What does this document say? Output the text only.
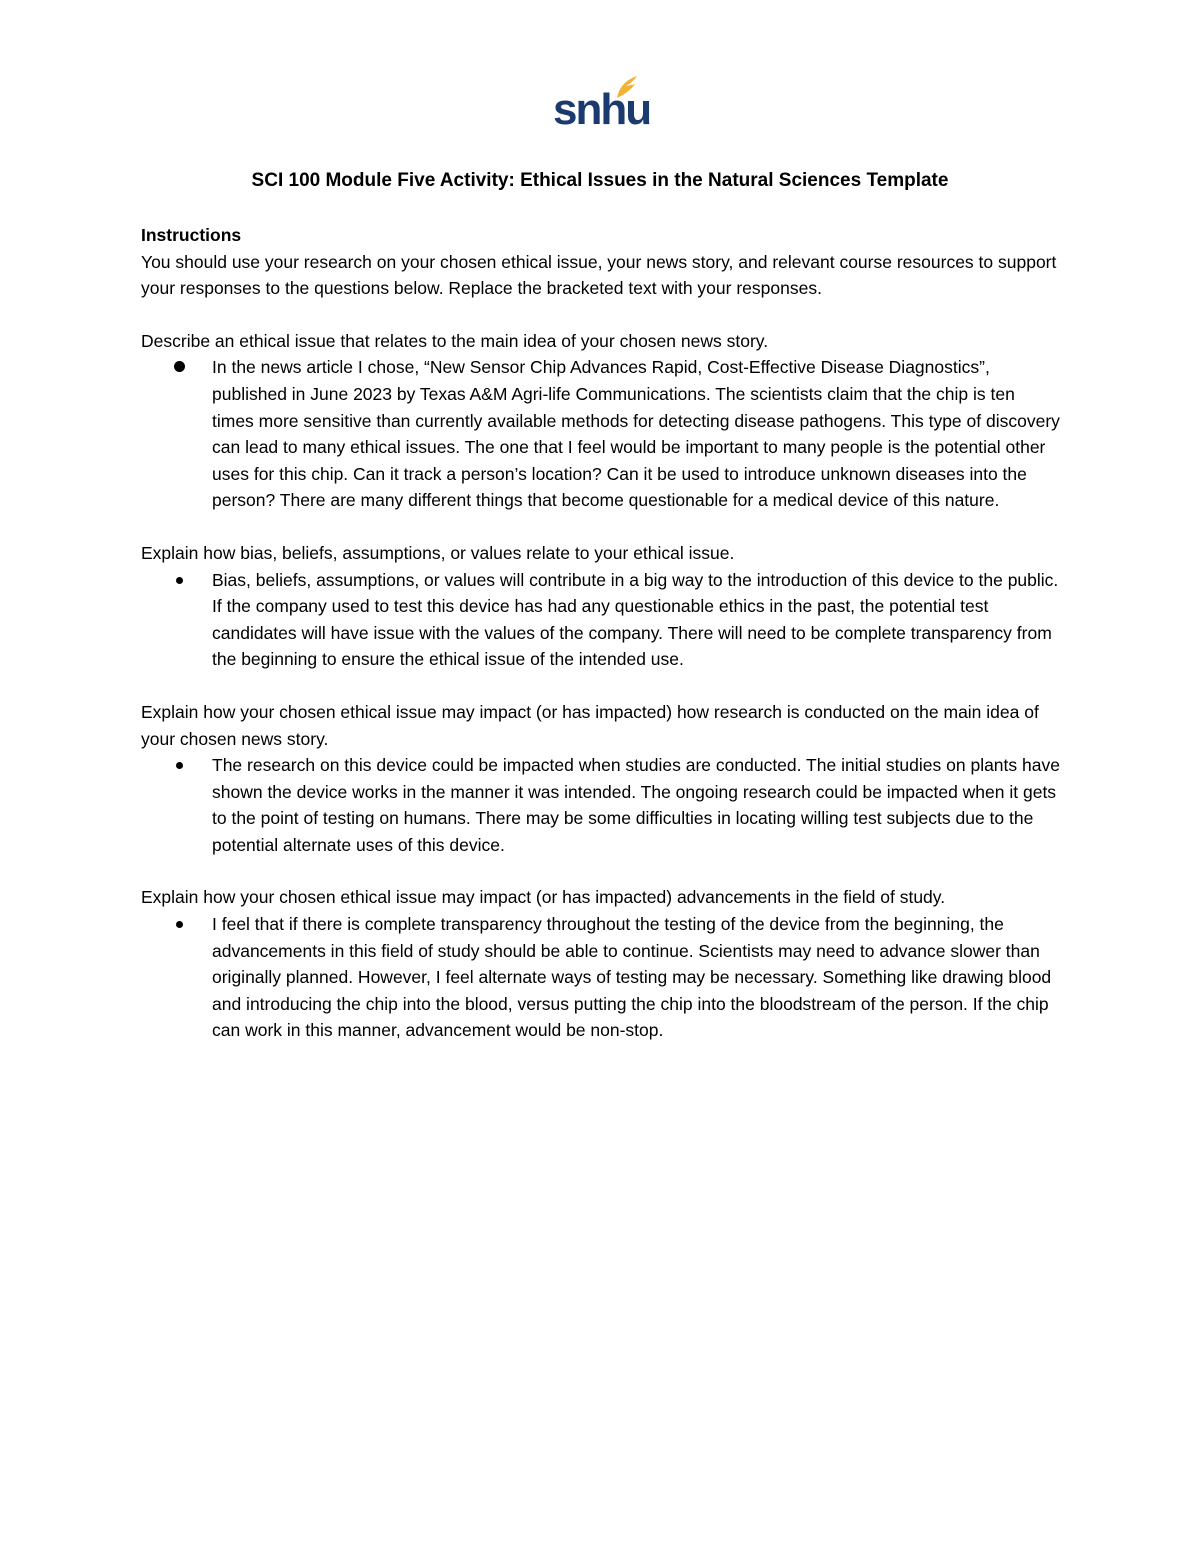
snhu
SCI 100 Module Five Activity: Ethical Issues in the Natural Sciences Template

Instructions

You should use your research on your chosen ethical issue, your news story, and relevant course resources to support your responses to the questions below. Replace the bracketed text with your responses.

Describe an ethical issue that relates to the main idea of your chosen news story.

In the news article I chose, “New Sensor Chip Advances Rapid, Cost-Effective Disease Diagnostics”, published in June 2023 by Texas A&M Agri-life Communications. The scientists claim that the chip is ten times more sensitive than currently available methods for detecting disease pathogens. This type of discovery can lead to many ethical issues. The one that I feel would be important to many people is the potential other uses for this chip. Can it track a person’s location? Can it be used to introduce unknown diseases into the person? There are many different things that become questionable for a medical device of this nature.

Explain how bias, beliefs, assumptions, or values relate to your ethical issue.

Bias, beliefs, assumptions, or values will contribute in a big way to the introduction of this device to the public. If the company used to test this device has had any questionable ethics in the past, the potential test candidates will have issue with the values of the company. There will need to be complete transparency from the beginning to ensure the ethical issue of the intended use.

Explain how your chosen ethical issue may impact (or has impacted) how research is conducted on the main idea of your chosen news story.

The research on this device could be impacted when studies are conducted. The initial studies on plants have shown the device works in the manner it was intended. The ongoing research could be impacted when it gets to the point of testing on humans. There may be some difficulties in locating willing test subjects due to the potential alternate uses of this device.

Explain how your chosen ethical issue may impact (or has impacted) advancements in the field of study.

I feel that if there is complete transparency throughout the testing of the device from the beginning, the advancements in this field of study should be able to continue. Scientists may need to advance slower than originally planned. However, I feel alternate ways of testing may be necessary. Something like drawing blood and introducing the chip into the blood, versus putting the chip into the bloodstream of the person. If the chip can work in this manner, advancement would be non-stop.
